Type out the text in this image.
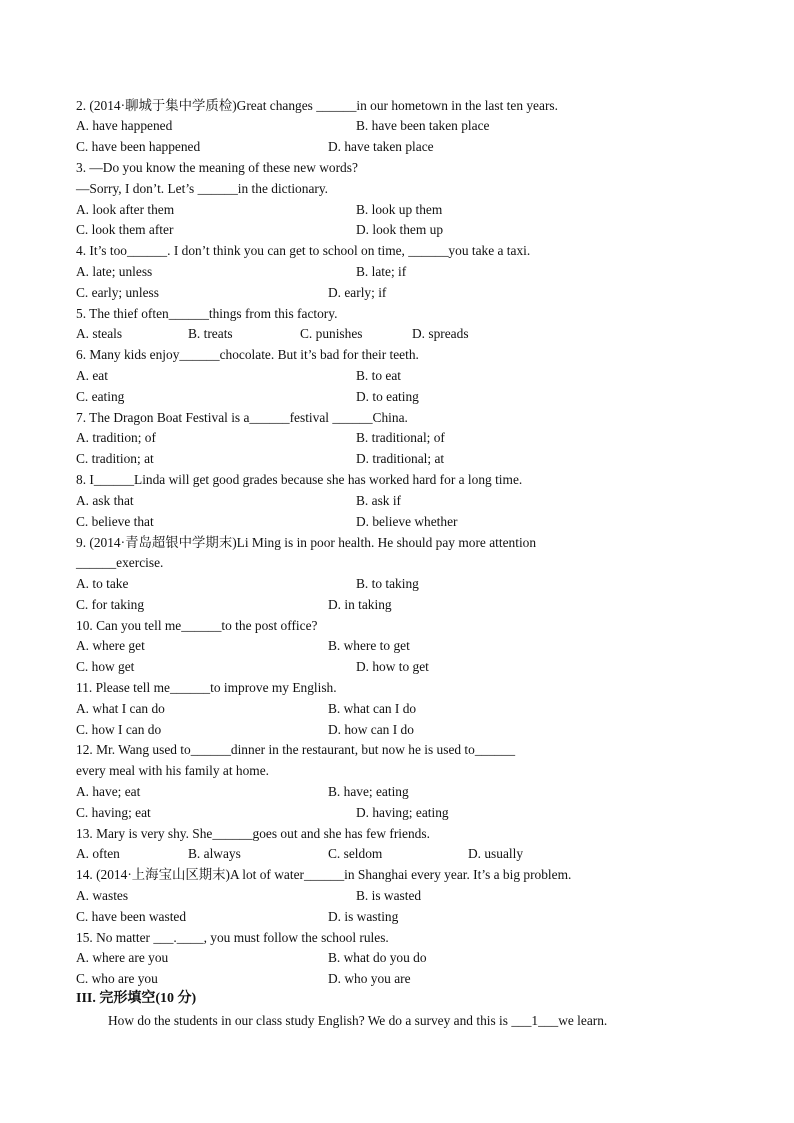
2. (2014·聊城于集中学质检)Great changes ______in our hometown in the last ten years.
A. have happened	B. have been taken place
C. have been happened	D. have taken place
3. —Do you know the meaning of these new words?
—Sorry, I don’t. Let’s ______in the dictionary.
A. look after them	B. look up them
C. look them after	D. look them up
4. It’s too______. I don’t think you can get to school on time, ______you take a taxi.
A. late; unless	B. late; if
C. early; unless	D. early; if
5. The thief often______things from this factory.
A. steals	B. treats	C. punishes	D. spreads
6. Many kids enjoy______chocolate. But it’s bad for their teeth.
A. eat	B. to eat
C. eating	D. to eating
7. The Dragon Boat Festival is a______festival ______China.
A. tradition; of	B. traditional; of
C. tradition; at	D. traditional; at
8. I______Linda will get good grades because she has worked hard for a long time.
A. ask that	B. ask if
C. believe that	D. believe whether
9. (2014·青岛超银中学期末)Li Ming is in poor health. He should pay more attention
______exercise.
A. to take	B. to taking
C. for taking	D. in taking
10. Can you tell me______to the post office?
A. where get	B. where to get
C. how get	D. how to get
11. Please tell me______to improve my English.
A. what I can do	B. what can I do
C. how I can do	D. how can I do
12. Mr. Wang used to______dinner in the restaurant, but now he is used to______
every meal with his family at home.
A. have; eat	B. have; eating
C. having; eat	D. having; eating
13. Mary is very shy. She______goes out and she has few friends.
A. often	B. always	C. seldom	D. usually
14. (2014·上海宝山区期末)A lot of water______in Shanghai every year. It’s a big problem.
A. wastes	B. is wasted
C. have been wasted	D. is wasting
15. No matter ___.____, you must follow the school rules.
A. where are you	B. what do you do
C. who are you	D. who you are
III. 完形填空(10 分)
How do the students in our class study English? We do a survey and this is ___1___we learn.
